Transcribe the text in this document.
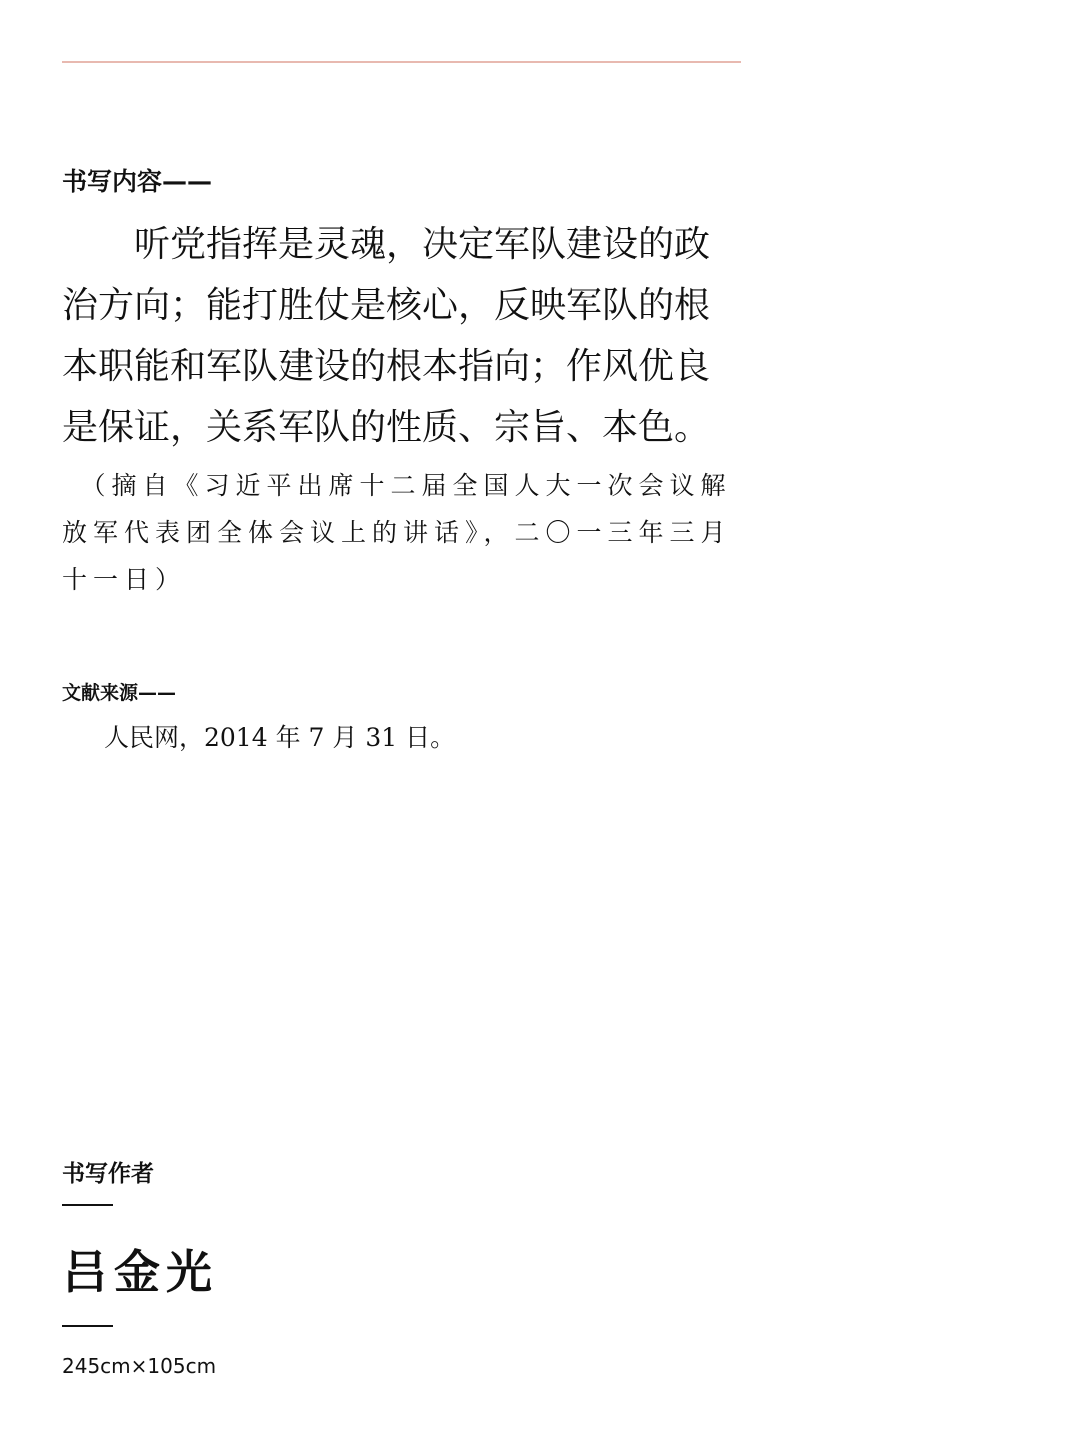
书写内容——
　　听党指挥是灵魂，决定军队建设的政
治方向；能打胜仗是核心，反映军队的根
本职能和军队建设的根本指向；作风优良
是保证，关系军队的性质、宗旨、本色。
　（摘自《习近平出席十二届全国人大一次会议解
放军代表团全体会议上的讲话》，二〇一三年三月
十一日）
文献来源——
人民网，2014 年 7 月 31 日。
书写作者
吕金光
245cm×105cm
